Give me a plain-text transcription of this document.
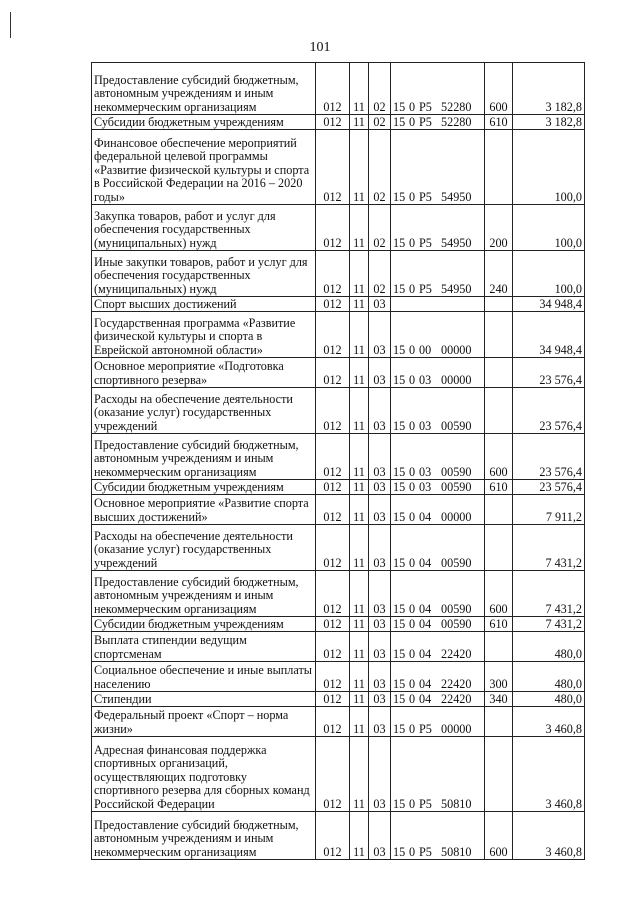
101
Предоставление субсидий бюджетным, автономным учреждениям и иным некоммерческим организациям	012	11	02	15 0 P5 52280	600	3 182,8
Субсидии бюджетным учреждениям	012	11	02	15 0 P5 52280	610	3 182,8
Финансовое обеспечение мероприятий федеральной целевой программы «Развитие физической культуры и спорта в Российской Федерации на 2016 – 2020 годы»	012	11	02	15 0 P5 54950		100,0
Закупка товаров, работ и услуг для обеспечения государственных (муниципальных) нужд	012	11	02	15 0 P5 54950	200	100,0
Иные закупки товаров, работ и услуг для обеспечения государственных (муниципальных) нужд	012	11	02	15 0 P5 54950	240	100,0
Спорт высших достижений	012	11	03			34 948,4
Государственная программа «Развитие физической культуры и спорта в Еврейской автономной области»	012	11	03	15 0 00 00000		34 948,4
Основное мероприятие «Подготовка спортивного резерва»	012	11	03	15 0 03 00000		23 576,4
Расходы на обеспечение деятельности (оказание услуг) государственных учреждений	012	11	03	15 0 03 00590		23 576,4
Предоставление субсидий бюджетным, автономным учреждениям и иным некоммерческим организациям	012	11	03	15 0 03 00590	600	23 576,4
Субсидии бюджетным учреждениям	012	11	03	15 0 03 00590	610	23 576,4
Основное мероприятие «Развитие спорта высших достижений»	012	11	03	15 0 04 00000		7 911,2
Расходы на обеспечение деятельности (оказание услуг) государственных учреждений	012	11	03	15 0 04 00590		7 431,2
Предоставление субсидий бюджетным, автономным учреждениям и иным некоммерческим организациям	012	11	03	15 0 04 00590	600	7 431,2
Субсидии бюджетным учреждениям	012	11	03	15 0 04 00590	610	7 431,2
Выплата стипендии ведущим спортсменам	012	11	03	15 0 04 22420		480,0
Социальное обеспечение и иные выплаты населению	012	11	03	15 0 04 22420	300	480,0
Стипендии	012	11	03	15 0 04 22420	340	480,0
Федеральный проект «Спорт – норма жизни»	012	11	03	15 0 P5 00000		3 460,8
Адресная финансовая поддержка спортивных организаций, осуществляющих подготовку спортивного резерва для сборных команд Российской Федерации	012	11	03	15 0 P5 50810		3 460,8
Предоставление субсидий бюджетным, автономным учреждениям и иным некоммерческим организациям	012	11	03	15 0 P5 50810	600	3 460,8
